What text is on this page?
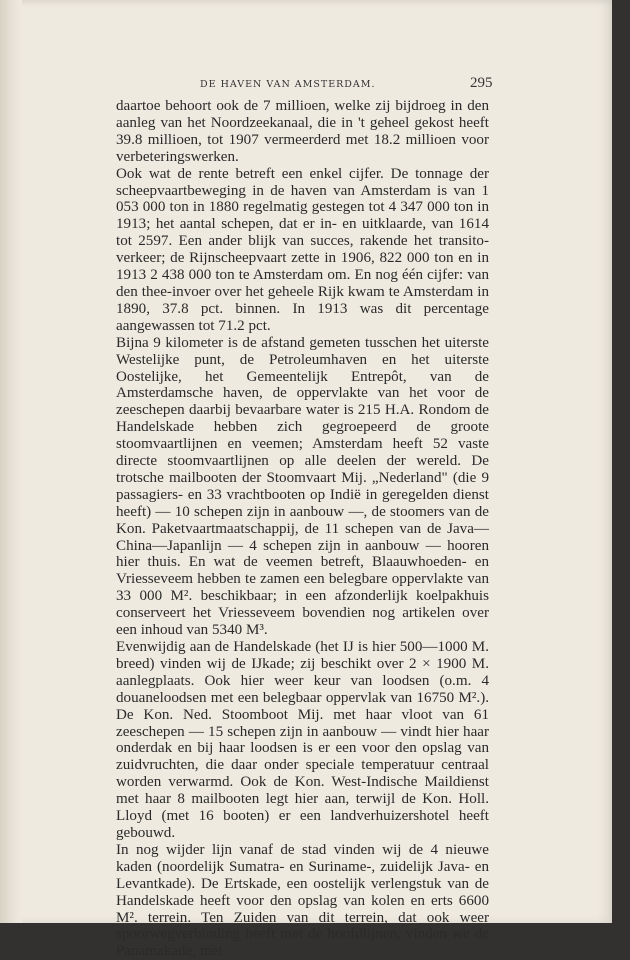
DE HAVEN VAN AMSTERDAM.	295

daartoe behoort ook de 7 millioen, welke zij bijdroeg in den aanleg van het Noordzeekanaal, die in 't geheel gekost heeft 39.8 millioen, tot 1907 vermeerderd met 18.2 millioen voor verbeteringswerken.

Ook wat de rente betreft een enkel cijfer. De tonnage der scheepvaartbeweging in de haven van Amsterdam is van 1 053 000 ton in 1880 regelmatig gestegen tot 4 347 000 ton in 1913; het aantal schepen, dat er in- en uitklaarde, van 1614 tot 2597. Een ander blijk van succes, rakende het transito-verkeer; de Rijnscheepvaart zette in 1906, 822 000 ton en in 1913 2 438 000 ton te Amsterdam om. En nog één cijfer: van den thee-invoer over het geheele Rijk kwam te Amsterdam in 1890, 37.8 pct. binnen. In 1913 was dit percentage aangewassen tot 71.2 pct.

Bijna 9 kilometer is de afstand gemeten tusschen het uiterste Westelijke punt, de Petroleumhaven en het uiterste Oostelijke, het Gemeentelijk Entrepôt, van de Amsterdamsche haven, de oppervlakte van het voor de zeeschepen daarbij bevaarbare water is 215 H.A. Rondom de Handelskade hebben zich gegroepeerd de groote stoomvaartlijnen en veemen; Amsterdam heeft 52 vaste directe stoomvaartlijnen op alle deelen der wereld. De trotsche mailbooten der Stoomvaart Mij. „Nederland" (die 9 passagiers- en 33 vrachtbooten op Indië in geregelden dienst heeft) — 10 schepen zijn in aanbouw —, de stoomers van de Kon. Paketvaartmaatschappij, de 11 schepen van de Java—China—Japanlijn — 4 schepen zijn in aanbouw — hooren hier thuis. En wat de veemen betreft, Blaauwhoeden- en Vriesseveem hebben te zamen een belegbare oppervlakte van 33 000 M². beschikbaar; in een afzonderlijk koelpakhuis conserveert het Vriesseveem bovendien nog artikelen over een inhoud van 5340 M³.

Evenwijdig aan de Handelskade (het IJ is hier 500—1000 M. breed) vinden wij de IJkade; zij beschikt over 2 × 1900 M. aanlegplaats. Ook hier weer keur van loodsen (o.m. 4 douaneloodsen met een belegbaar oppervlak van 16750 M².). De Kon. Ned. Stoomboot Mij. met haar vloot van 61 zeeschepen — 15 schepen zijn in aanbouw — vindt hier haar onderdak en bij haar loodsen is er een voor den opslag van zuidvruchten, die daar onder speciale temperatuur centraal worden verwarmd. Ook de Kon. West-Indische Maildienst met haar 8 mailbooten legt hier aan, terwijl de Kon. Holl. Lloyd (met 16 booten) er een landverhuizershotel heeft gebouwd.

In nog wijder lijn vanaf de stad vinden wij de 4 nieuwe kaden (noordelijk Sumatra- en Suriname-, zuidelijk Java- en Levantkade). De Ertskade, een oostelijk verlengstuk van de Handelskade heeft voor den opslag van kolen en erts 6600 M². terrein. Ten Zuiden van dit terrein, dat ook weer spoorwegverbinding heeft met de hoofdlijnen, vinden we de Panamakade, met
